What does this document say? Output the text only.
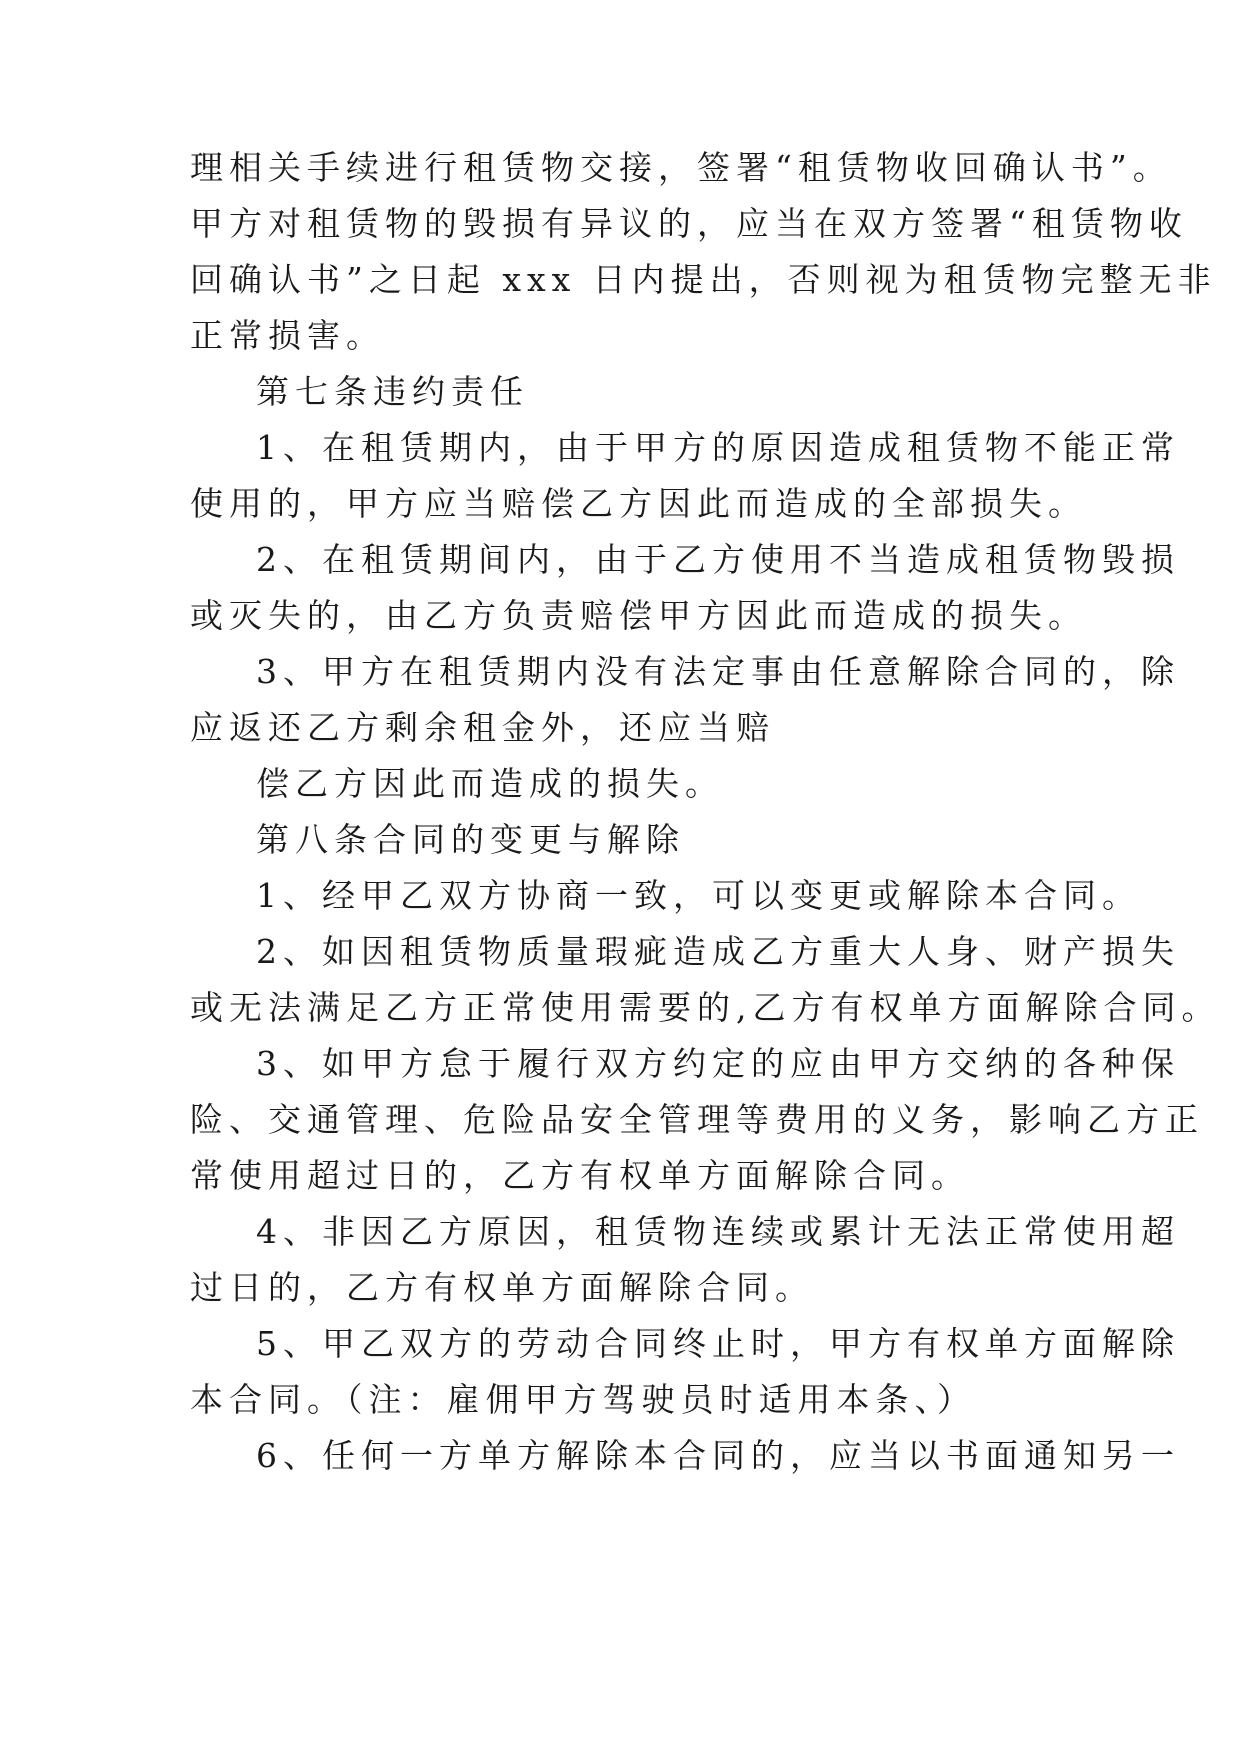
理相关手续进行租赁物交接，签署“租赁物收回确认书”。
甲方对租赁物的毁损有异议的，应当在双方签署“租赁物收
回确认书”之日起 xxx 日内提出，否则视为租赁物完整无非
正常损害。
第七条违约责任
1、在租赁期内，由于甲方的原因造成租赁物不能正常
使用的，甲方应当赔偿乙方因此而造成的全部损失。
2、在租赁期间内，由于乙方使用不当造成租赁物毁损
或灭失的，由乙方负责赔偿甲方因此而造成的损失。
3、甲方在租赁期内没有法定事由任意解除合同的，除
应返还乙方剩余租金外，还应当赔
偿乙方因此而造成的损失。
第八条合同的变更与解除
1、经甲乙双方协商一致，可以变更或解除本合同。
2、如因租赁物质量瑕疵造成乙方重大人身、财产损失
或无法满足乙方正常使用需要的,乙方有权单方面解除合同。
3、如甲方怠于履行双方约定的应由甲方交纳的各种保
险、交通管理、危险品安全管理等费用的义务，影响乙方正
常使用超过日的，乙方有权单方面解除合同。
4、非因乙方原因，租赁物连续或累计无法正常使用超
过日的，乙方有权单方面解除合同。
5、甲乙双方的劳动合同终止时，甲方有权单方面解除
本合同。（注：雇佣甲方驾驶员时适用本条、）
6、任何一方单方解除本合同的，应当以书面通知另一
